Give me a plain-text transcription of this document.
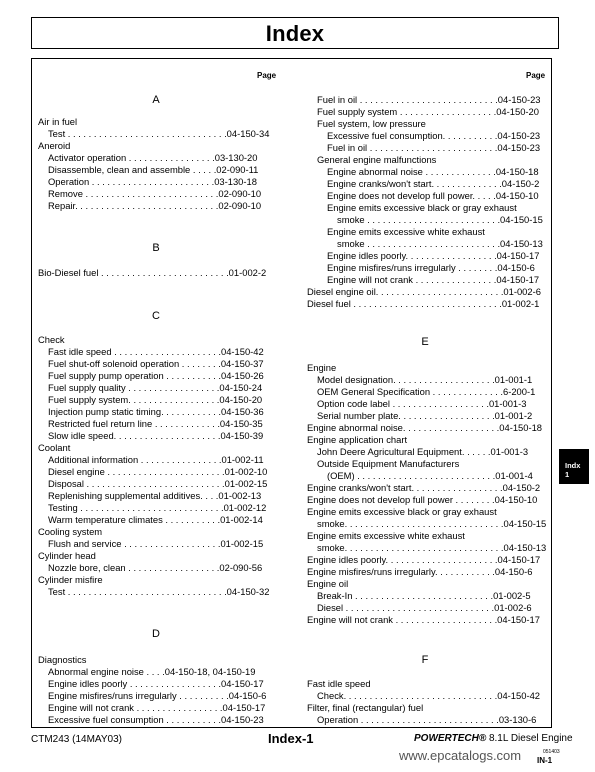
Index
Page	Page
A
Air in fuel
Test . . . . . . . . . . . . . . . . . . . . . . . . . . . . . . .04-150-34
Aneroid
Activator operation . . . . . . . . . . . . . . . . .03-130-20
Disassemble, clean and assemble . . . . .02-090-11
Operation . . . . . . . . . . . . . . . . . . . . . . . .03-130-18
Remove . . . . . . . . . . . . . . . . . . . . . . . . . .02-090-10
Repair. . . . . . . . . . . . . . . . . . . . . . . . . . . .02-090-10
B
Bio-Diesel fuel . . . . . . . . . . . . . . . . . . . . . . . . .01-002-2
C
Check
Fast idle speed . . . . . . . . . . . . . . . . . . . . .04-150-42
Fuel shut-off solenoid operation . . . . . . . .04-150-37
Fuel supply pump operation . . . . . . . . . . .04-150-26
Fuel supply quality . . . . . . . . . . . . . . . . . .04-150-24
Fuel supply system. . . . . . . . . . . . . . . . . .04-150-20
Injection pump static timing. . . . . . . . . . . .04-150-36
Restricted fuel return line . . . . . . . . . . . . .04-150-35
Slow idle speed. . . . . . . . . . . . . . . . . . . . .04-150-39
Coolant
Additional information . . . . . . . . . . . . . . . .01-002-11
Diesel engine . . . . . . . . . . . . . . . . . . . . . . .01-002-10
Disposal . . . . . . . . . . . . . . . . . . . . . . . . . . .01-002-15
Replenishing supplemental additives. . . .01-002-13
Testing . . . . . . . . . . . . . . . . . . . . . . . . . . . .01-002-12
Warm temperature climates . . . . . . . . . . .01-002-14
Cooling system
Flush and service . . . . . . . . . . . . . . . . . . .01-002-15
Cylinder head
Nozzle bore, clean . . . . . . . . . . . . . . . . . .02-090-56
Cylinder misfire
Test . . . . . . . . . . . . . . . . . . . . . . . . . . . . . . .04-150-32
D
Diagnostics
Abnormal engine noise . . . .04-150-18, 04-150-19
Engine idles poorly . . . . . . . . . . . . . . . . . .04-150-17
Engine misfires/runs irregularly . . . . . . . . . .04-150-6
Engine will not crank . . . . . . . . . . . . . . . . .04-150-17
Excessive fuel consumption . . . . . . . . . . .04-150-23
Fuel in oil . . . . . . . . . . . . . . . . . . . . . . . . . . .04-150-23
Fuel supply system . . . . . . . . . . . . . . . . . . .04-150-20
Fuel system, low pressure
Excessive fuel consumption. . . . . . . . . . .04-150-23
Fuel in oil . . . . . . . . . . . . . . . . . . . . . . . . .04-150-23
General engine malfunctions
Engine abnormal noise . . . . . . . . . . . . . .04-150-18
Engine cranks/won't start. . . . . . . . . . . . . .04-150-2
Engine does not develop full power. . . . .04-150-10
Engine emits excessive black or gray exhaust
smoke . . . . . . . . . . . . . . . . . . . . . . . . . .04-150-15
Engine emits excessive white exhaust
smoke . . . . . . . . . . . . . . . . . . . . . . . . . .04-150-13
Engine idles poorly. . . . . . . . . . . . . . . . . .04-150-17
Engine misfires/runs irregularly . . . . . . . .04-150-6
Engine will not crank . . . . . . . . . . . . . . . .04-150-17
Diesel engine oil. . . . . . . . . . . . . . . . . . . . . . . . .01-002-6
Diesel fuel . . . . . . . . . . . . . . . . . . . . . . . . . . . . .01-002-1
E
Engine
Model designation. . . . . . . . . . . . . . . . . . . .01-001-1
OEM General Specification . . . . . . . . . . . . . .6-200-1
Option code label . . . . . . . . . . . . . . . . . . .01-001-3
Serial number plate. . . . . . . . . . . . . . . . . . .01-001-2
Engine abnormal noise. . . . . . . . . . . . . . . . . . .04-150-18
Engine application chart
John Deere Agricultural Equipment. . . . . .01-001-3
Outside Equipment Manufacturers
(OEM) . . . . . . . . . . . . . . . . . . . . . . . . . . .01-001-4
Engine cranks/won't start. . . . . . . . . . . . . . . . . .04-150-2
Engine does not develop full power . . . . . . . .04-150-10
Engine emits excessive black or gray exhaust
smoke. . . . . . . . . . . . . . . . . . . . . . . . . . . . . . .04-150-15
Engine emits excessive white exhaust
smoke. . . . . . . . . . . . . . . . . . . . . . . . . . . . . . .04-150-13
Engine idles poorly. . . . . . . . . . . . . . . . . . . . . .04-150-17
Engine misfires/runs irregularly. . . . . . . . . . . .04-150-6
Engine oil
Break-In . . . . . . . . . . . . . . . . . . . . . . . . . . .01-002-5
Diesel . . . . . . . . . . . . . . . . . . . . . . . . . . . . .01-002-6
Engine will not crank . . . . . . . . . . . . . . . . . . . .04-150-17
F
Fast idle speed
Check. . . . . . . . . . . . . . . . . . . . . . . . . . . . . .04-150-42
Filter, final (rectangular) fuel
Operation . . . . . . . . . . . . . . . . . . . . . . . . . . .03-130-6
Indx
1
CTM243 (14MAY03)	Index-1	POWERTECH® 8.1L Diesel Engine
www.epcatalogs.com	051403
IN-1
